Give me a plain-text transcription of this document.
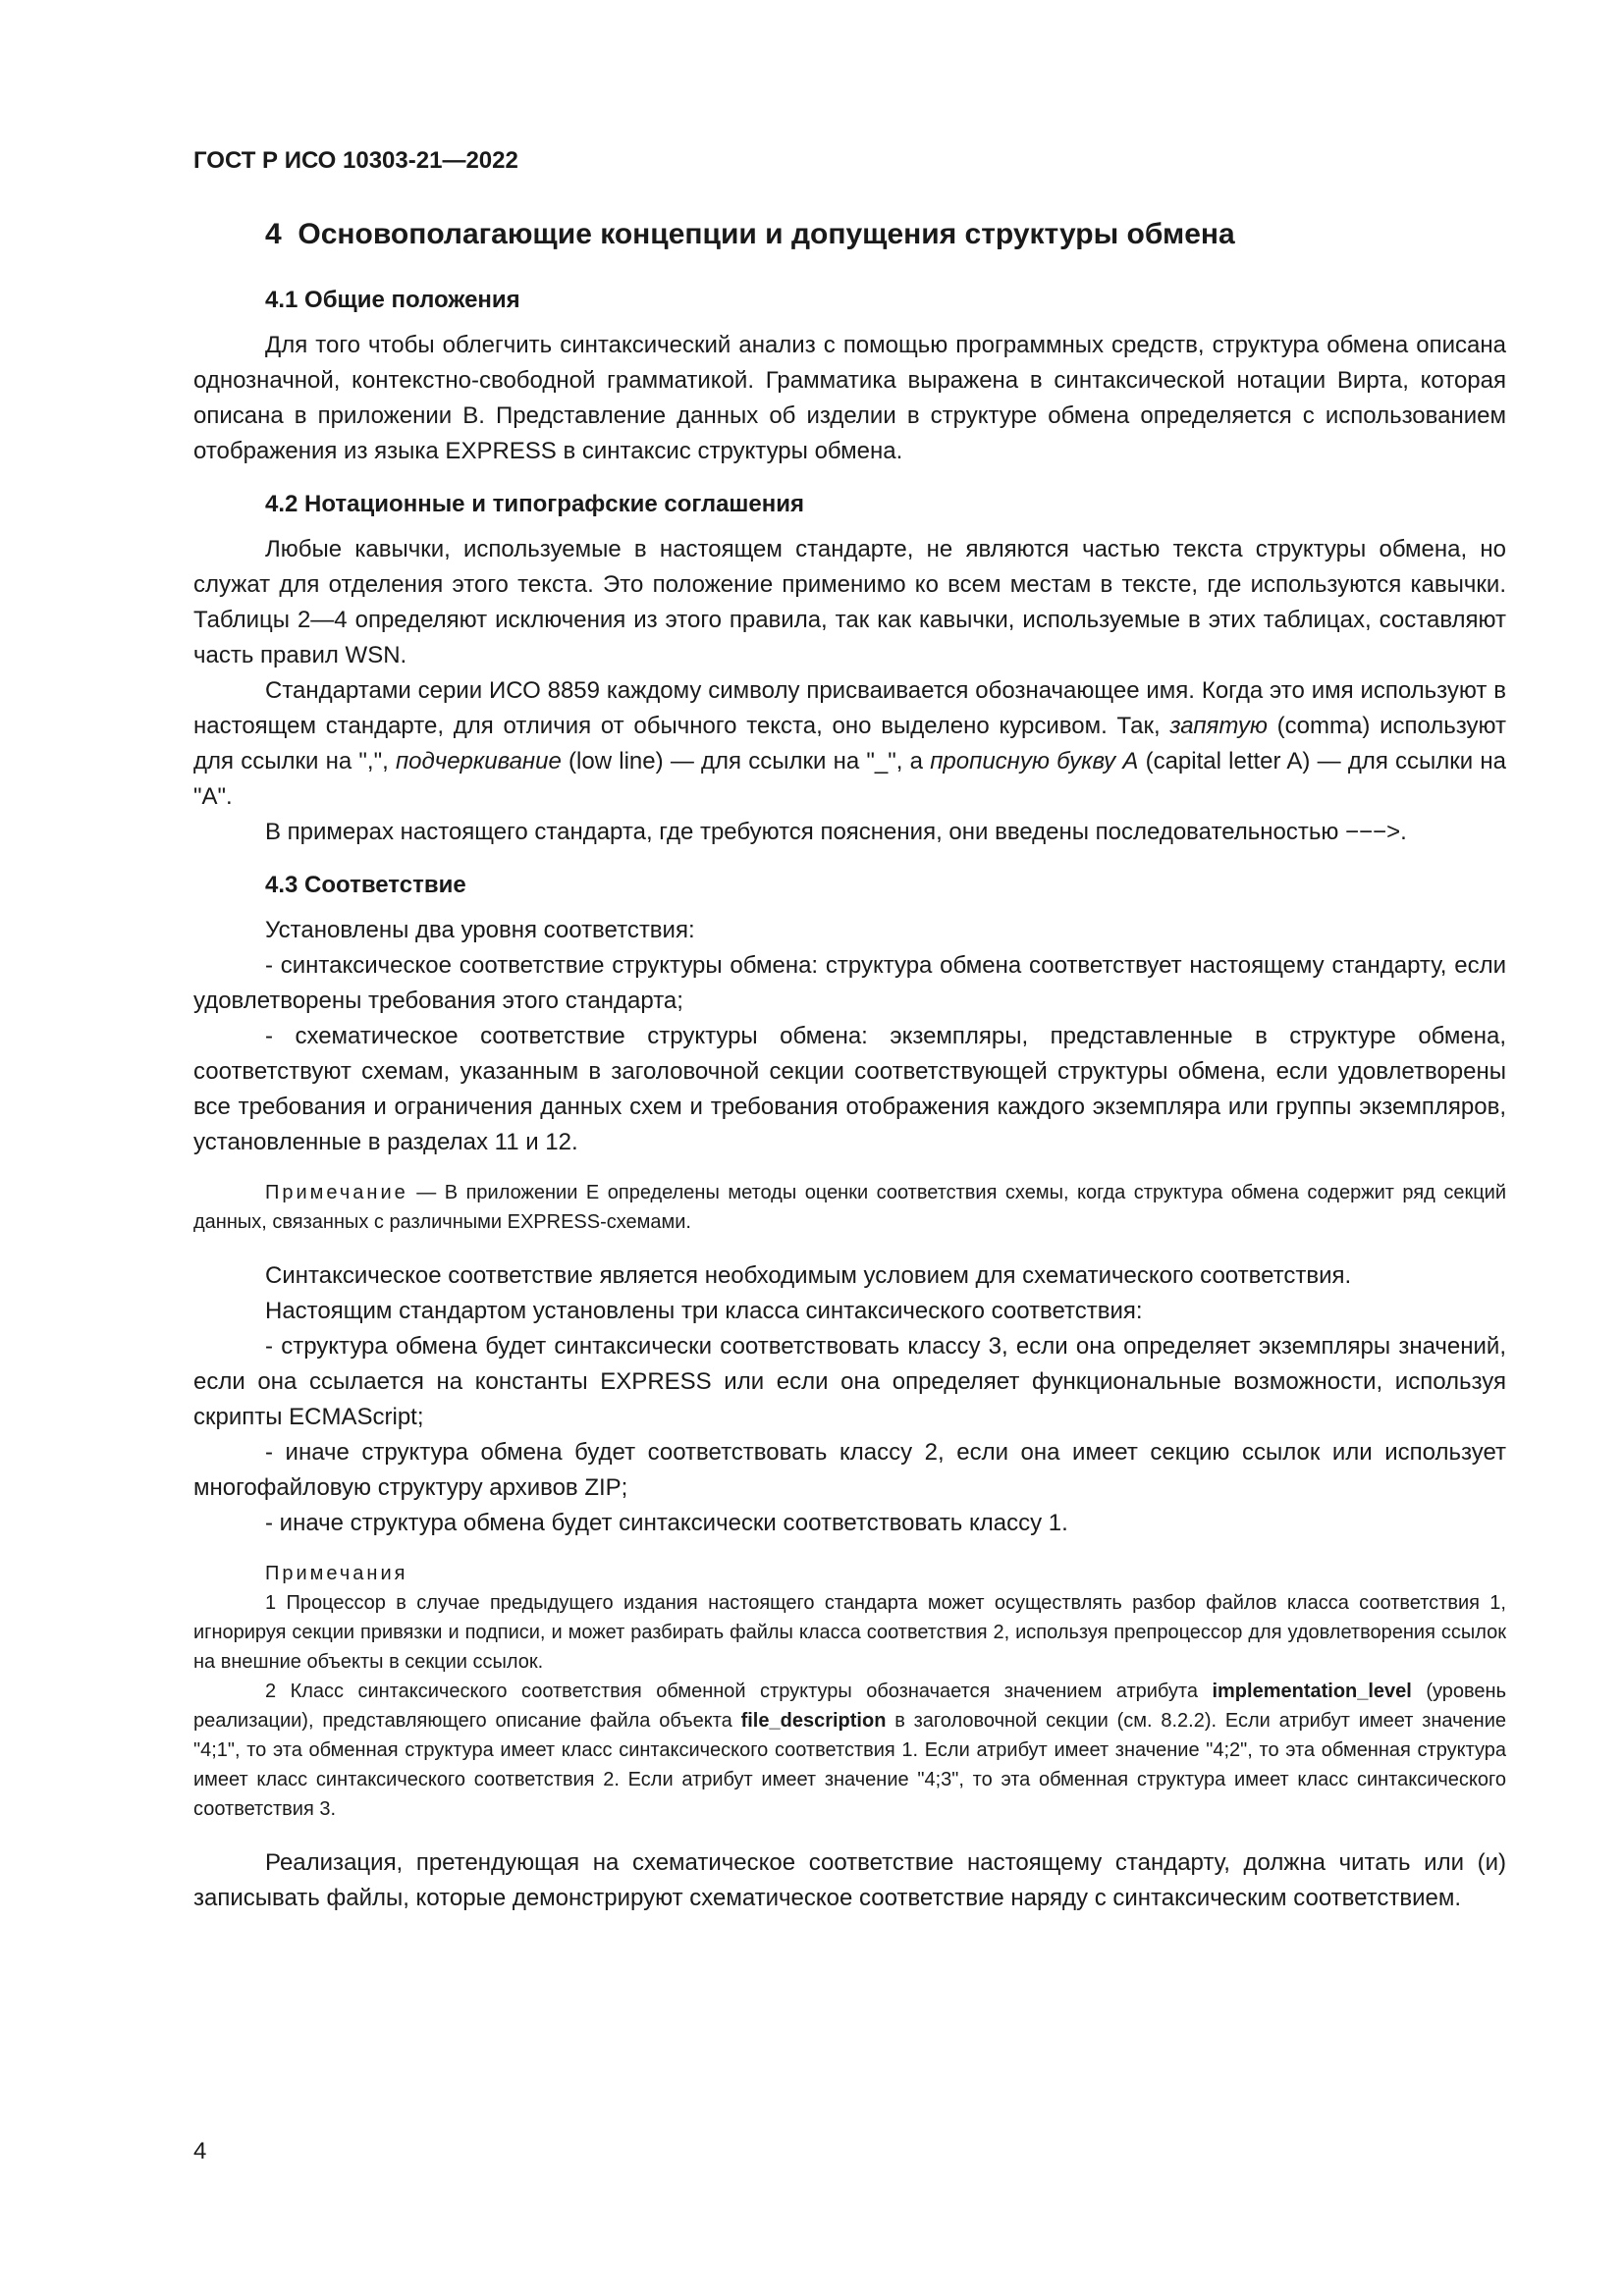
ГОСТ Р ИСО 10303-21—2022
4 Основополагающие концепции и допущения структуры обмена
4.1 Общие положения

Для того чтобы облегчить синтаксический анализ с помощью программных средств, структура обмена описана однозначной, контекстно-свободной грамматикой. Грамматика выражена в синтаксической нотации Вирта, которая описана в приложении В. Представление данных об изделии в структуре обмена определяется с использованием отображения из языка EXPRESS в синтаксис структуры обмена.

4.2 Нотационные и типографские соглашения

Любые кавычки, используемые в настоящем стандарте, не являются частью текста структуры обмена, но служат для отделения этого текста. Это положение применимо ко всем местам в тексте, где используются кавычки. Таблицы 2—4 определяют исключения из этого правила, так как кавычки, используемые в этих таблицах, составляют часть правил WSN.

Стандартами серии ИСО 8859 каждому символу присваивается обозначающее имя. Когда это имя используют в настоящем стандарте, для отличия от обычного текста, оно выделено курсивом. Так, запятую (comma) используют для ссылки на ",", подчеркивание (low line) — для ссылки на "_", а прописную букву А (capital letter A) — для ссылки на "A".

В примерах настоящего стандарта, где требуются пояснения, они введены последовательностью −−−>.

4.3 Соответствие

Установлены два уровня соответствия:

- синтаксическое соответствие структуры обмена: структура обмена соответствует настоящему стандарту, если удовлетворены требования этого стандарта;

- схематическое соответствие структуры обмена: экземпляры, представленные в структуре обмена, соответствуют схемам, указанным в заголовочной секции соответствующей структуры обмена, если удовлетворены все требования и ограничения данных схем и требования отображения каждого экземпляра или группы экземпляров, установленные в разделах 11 и 12.

Примечание — В приложении Е определены методы оценки соответствия схемы, когда структура обмена содержит ряд секций данных, связанных с различными EXPRESS-схемами.

Синтаксическое соответствие является необходимым условием для схематического соответствия.

Настоящим стандартом установлены три класса синтаксического соответствия:

- структура обмена будет синтаксически соответствовать классу 3, если она определяет экземпляры значений, если она ссылается на константы EXPRESS или если она определяет функциональные возможности, используя скрипты ECMAScript;

- иначе структура обмена будет соответствовать классу 2, если она имеет секцию ссылок или использует многофайловую структуру архивов ZIP;

- иначе структура обмена будет синтаксически соответствовать классу 1.

Примечания

1 Процессор в случае предыдущего издания настоящего стандарта может осуществлять разбор файлов класса соответствия 1, игнорируя секции привязки и подписи, и может разбирать файлы класса соответствия 2, используя препроцессор для удовлетворения ссылок на внешние объекты в секции ссылок.

2 Класс синтаксического соответствия обменной структуры обозначается значением атрибута implementation_level (уровень реализации), представляющего описание файла объекта file_description в заголовочной секции (см. 8.2.2). Если атрибут имеет значение "4;1", то эта обменная структура имеет класс синтаксического соответствия 1. Если атрибут имеет значение "4;2", то эта обменная структура имеет класс синтаксического соответствия 2. Если атрибут имеет значение "4;3", то эта обменная структура имеет класс синтаксического соответствия 3.

Реализация, претендующая на схематическое соответствие настоящему стандарту, должна читать или (и) записывать файлы, которые демонстрируют схематическое соответствие наряду с синтаксическим соответствием.

4
